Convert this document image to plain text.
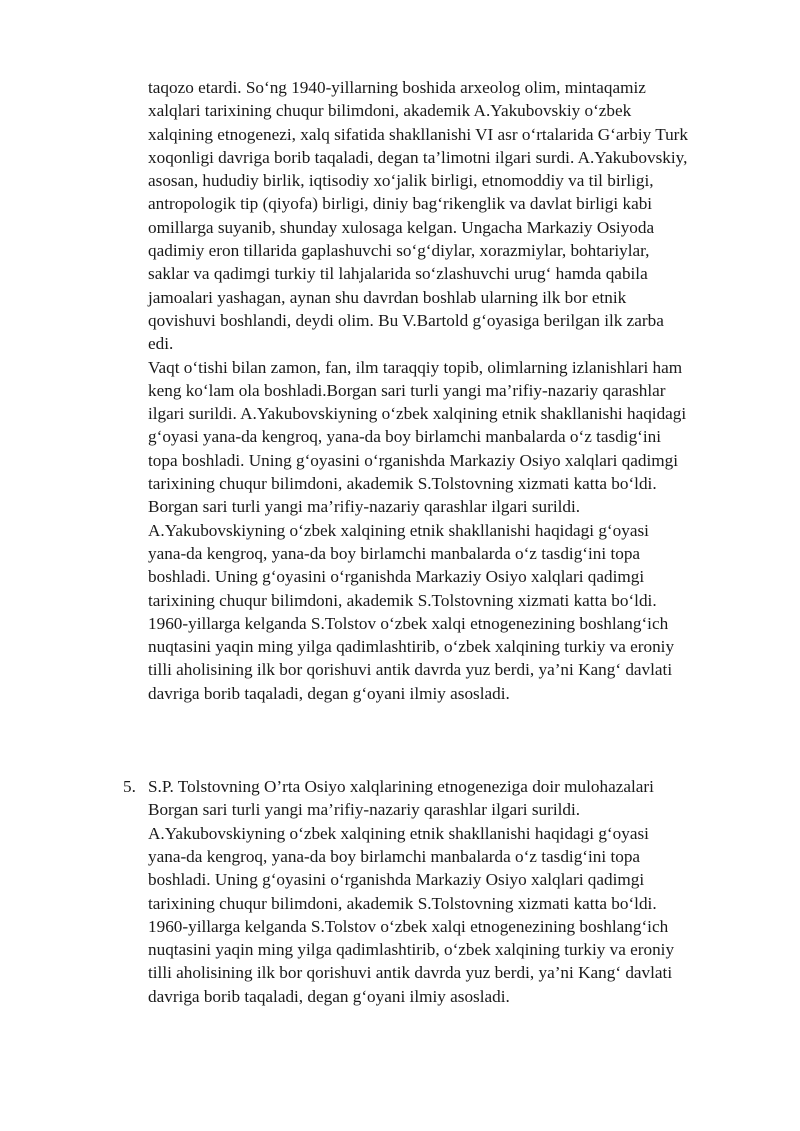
taqozo etardi. So‘ng 1940-yillarning boshida arxeolog olim, mintaqamiz
xalqlari tarixining chuqur bilimdoni, akademik A.Yakubovskiy o‘zbek
xalqining etnogenezi, xalq sifatida shakllanishi VI asr o‘rtalarida G‘arbiy Turk
xoqonligi davriga borib taqaladi, degan ta’limotni ilgari surdi. A.Yakubovskiy,
asosan, hududiy birlik, iqtisodiy xo‘jalik birligi, etnomoddiy va til birligi,
antropologik tip (qiyofa) birligi, diniy bag‘rikenglik va davlat birligi kabi
omillarga suyanib, shunday xulosaga kelgan. Ungacha Markaziy Osiyoda
qadimiy eron tillarida gaplashuvchi so‘g‘diylar, xorazmiylar, bohtariylar,
saklar va qadimgi turkiy til lahjalarida so‘zlashuvchi urug‘ hamda qabila
jamoalari yashagan, aynan shu davrdan boshlab ularning ilk bor etnik
qovishuvi boshlandi, deydi olim. Bu V.Bartold g‘oyasiga berilgan ilk zarba
edi.
Vaqt o‘tishi bilan zamon, fan, ilm taraqqiy topib, olimlarning izlanishlari ham
keng ko‘lam ola boshladi.Borgan sari turli yangi ma’rifiy-nazariy qarashlar
ilgari surildi. A.Yakubovskiyning o‘zbek xalqining etnik shakllanishi haqidagi
g‘oyasi yana-da kengroq, yana-da boy birlamchi manbalarda o‘z tasdig‘ini
topa boshladi. Uning g‘oyasini o‘rganishda Markaziy Osiyo xalqlari qadimgi
tarixining chuqur bilimdoni, akademik S.Tolstovning xizmati katta bo‘ldi.
Borgan sari turli yangi ma’rifiy-nazariy qarashlar ilgari surildi.
A.Yakubovskiyning o‘zbek xalqining etnik shakllanishi haqidagi g‘oyasi
yana-da kengroq, yana-da boy birlamchi manbalarda o‘z tasdig‘ini topa
boshladi. Uning g‘oyasini o‘rganishda Markaziy Osiyo xalqlari qadimgi
tarixining chuqur bilimdoni, akademik S.Tolstovning xizmati katta bo‘ldi.
1960-yillarga kelganda S.Tolstov o‘zbek xalqi etnogenezining boshlang‘ich
nuqtasini yaqin ming yilga qadimlashtirib, o‘zbek xalqining turkiy va eroniy
tilli aholisining ilk bor qorishuvi antik davrda yuz berdi, ya’ni Kang‘ davlati
davriga borib taqaladi, degan g‘oyani ilmiy asosladi.
5. S.P. Tolstovning O’rta Osiyo xalqlarining etnogeneziga doir mulohazalari
Borgan sari turli yangi ma’rifiy-nazariy qarashlar ilgari surildi.
A.Yakubovskiyning o‘zbek xalqining etnik shakllanishi haqidagi g‘oyasi
yana-da kengroq, yana-da boy birlamchi manbalarda o‘z tasdig‘ini topa
boshladi. Uning g‘oyasini o‘rganishda Markaziy Osiyo xalqlari qadimgi
tarixining chuqur bilimdoni, akademik S.Tolstovning xizmati katta bo‘ldi.
1960-yillarga kelganda S.Tolstov o‘zbek xalqi etnogenezining boshlang‘ich
nuqtasini yaqin ming yilga qadimlashtirib, o‘zbek xalqining turkiy va eroniy
tilli aholisining ilk bor qorishuvi antik davrda yuz berdi, ya’ni Kang‘ davlati
davriga borib taqaladi, degan g‘oyani ilmiy asosladi.
